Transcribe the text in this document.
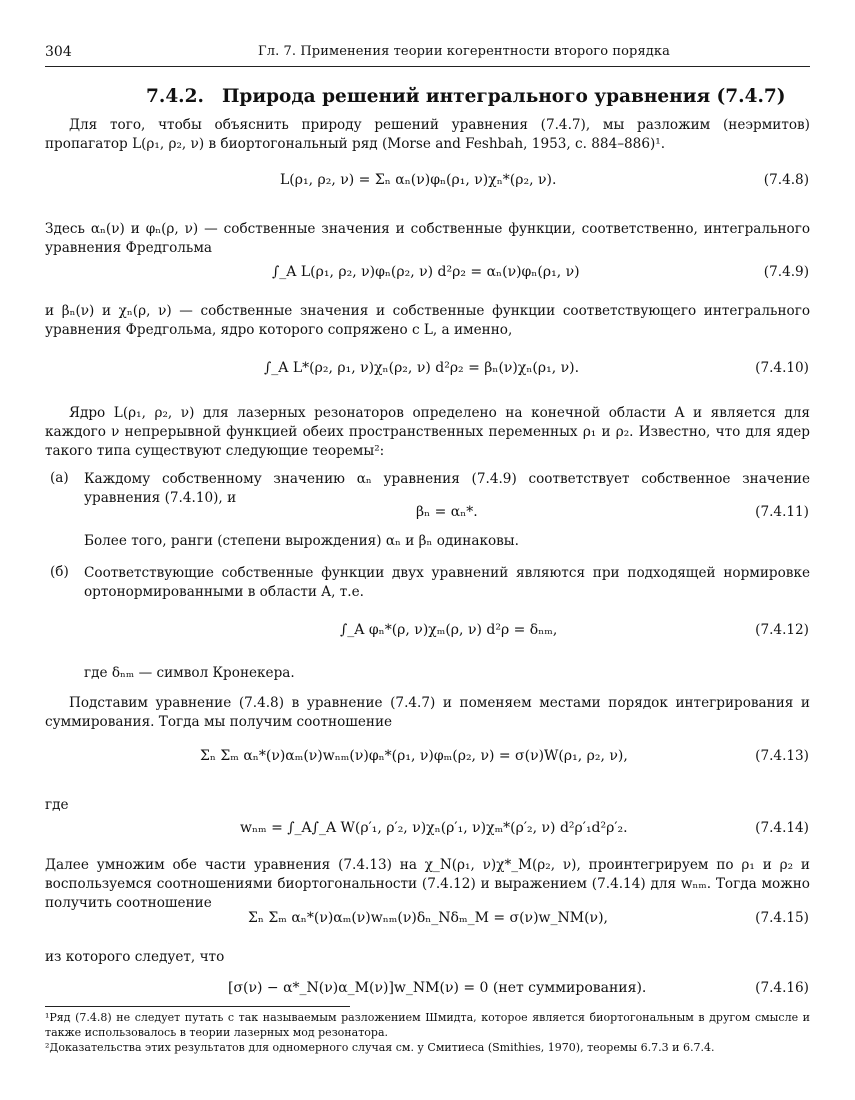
304	Гл. 7. Применения теории когерентности второго порядка
7.4.2. Природа решений интегрального уравнения (7.4.7)
Для того, чтобы объяснить природу решений уравнения (7.4.7), мы разложим (неэрмитов) пропагатор L(ρ₁, ρ₂, ν) в биортогональный ряд (Morse and Feshbah, 1953, с. 884–886)¹.
L(ρ₁, ρ₂, ν) = Σₙ αₙ(ν)φₙ(ρ₁, ν)χₙ*(ρ₂, ν).	(7.4.8)
Здесь αₙ(ν) и φₙ(ρ, ν) — собственные значения и собственные функции, соответственно, интегрального уравнения Фредгольма
∫_A L(ρ₁, ρ₂, ν)φₙ(ρ₂, ν) d²ρ₂ = αₙ(ν)φₙ(ρ₁, ν)	(7.4.9)
и βₙ(ν) и χₙ(ρ, ν) — собственные значения и собственные функции соответствующего интегрального уравнения Фредгольма, ядро которого сопряжено с L, а именно,
∫_A L*(ρ₂, ρ₁, ν)χₙ(ρ₂, ν) d²ρ₂ = βₙ(ν)χₙ(ρ₁, ν).	(7.4.10)
Ядро L(ρ₁, ρ₂, ν) для лазерных резонаторов определено на конечной области A и является для каждого ν непрерывной функцией обеих пространственных переменных ρ₁ и ρ₂. Известно, что для ядер такого типа существуют следующие теоремы²:
(а) Каждому собственному значению αₙ уравнения (7.4.9) соответствует собственное значение уравнения (7.4.10), и
βₙ = αₙ*.	(7.4.11)
Более того, ранги (степени вырождения) αₙ и βₙ одинаковы.
(б) Соответствующие собственные функции двух уравнений являются при подходящей нормировке ортонормированными в области A, т.е.
∫_A φₙ*(ρ, ν)χₘ(ρ, ν) d²ρ = δₙₘ,	(7.4.12)
где δₙₘ — символ Кронекера.
Подставим уравнение (7.4.8) в уравнение (7.4.7) и поменяем местами порядок интегрирования и суммирования. Тогда мы получим соотношение
Σₙ Σₘ αₙ*(ν)αₘ(ν)wₙₘ(ν)φₙ*(ρ₁, ν)φₘ(ρ₂, ν) = σ(ν)W(ρ₁, ρ₂, ν),	(7.4.13)
где
wₙₘ = ∫_A∫_A W(ρ′₁, ρ′₂, ν)χₙ(ρ′₁, ν)χₘ*(ρ′₂, ν) d²ρ′₁d²ρ′₂.	(7.4.14)
Далее умножим обе части уравнения (7.4.13) на χ_N(ρ₁, ν)χ*_M(ρ₂, ν), проинтегрируем по ρ₁ и ρ₂ и воспользуемся соотношениями биортогональности (7.4.12) и выражением (7.4.14) для wₙₘ. Тогда можно получить соотношение
Σₙ Σₘ αₙ*(ν)αₘ(ν)wₙₘ(ν)δₙ_Nδₘ_M = σ(ν)w_NM(ν),	(7.4.15)
из которого следует, что
[σ(ν) − α*_N(ν)α_M(ν)]w_NM(ν) = 0 (нет суммирования).	(7.4.16)
¹Ряд (7.4.8) не следует путать с так называемым разложением Шмидта, которое является биортогональным в другом смысле и также использовалось в теории лазерных мод резонатора.
²Доказательства этих результатов для одномерного случая см. у Смитиеса (Smithies, 1970), теоремы 6.7.3 и 6.7.4.
